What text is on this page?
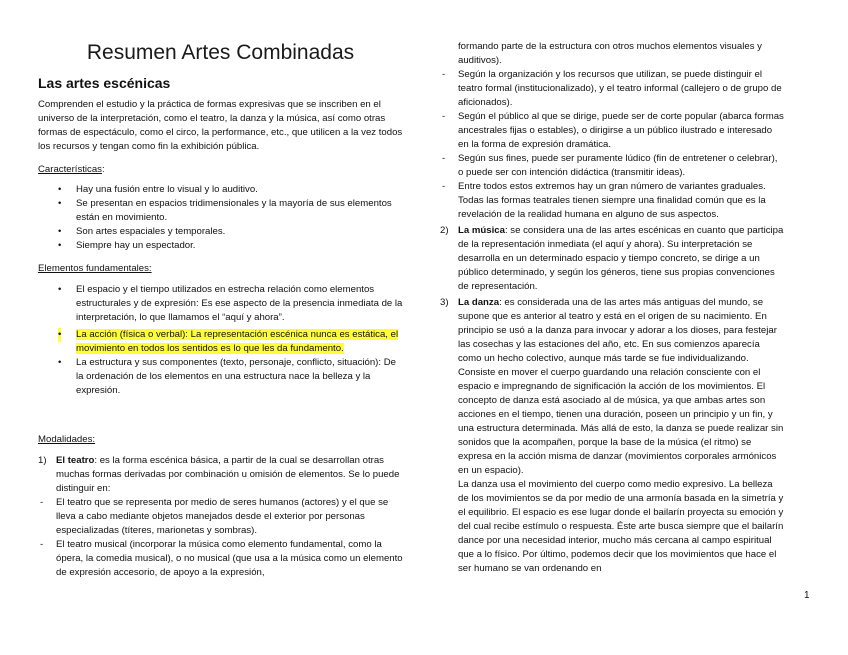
Resumen Artes Combinadas
Las artes escénicas

Comprenden el estudio y la práctica de formas expresivas que se inscriben en el universo de la interpretación, como el teatro, la danza y la música, así como otras formas de espectáculo, como el circo, la performance, etc., que utilicen a la vez todos los recursos y tengan como fin la exhibición pública.

Características:

• Hay una fusión entre lo visual y lo auditivo.
• Se presentan en espacios tridimensionales y la mayoría de sus elementos están en movimiento.
• Son artes espaciales y temporales.
• Siempre hay un espectador.

Elementos fundamentales:

• El espacio y el tiempo utilizados en estrecha relación como elementos estructurales y de expresión: Es ese aspecto de la presencia inmediata de la interpretación, lo que llamamos el “aquí y ahora”.
• La acción (física o verbal): La representación escénica nunca es estática, el movimiento en todos los sentidos es lo que les da fundamento.
• La estructura y sus componentes (texto, personaje, conflicto, situación): De la ordenación de los elementos en una estructura nace la belleza y la expresión.

Modalidades:

1) El teatro: es la forma escénica básica, a partir de la cual se desarrollan otras muchas formas derivadas por combinación u omisión de elementos. Se lo puede distinguir en:
- El teatro que se representa por medio de seres humanos (actores) y el que se lleva a cabo mediante objetos manejados desde el exterior por personas especializadas (títeres, marionetas y sombras).
- El teatro musical (incorporar la música como elemento fundamental, como la ópera, la comedia musical), o no musical (que usa a la música como un elemento de expresión accesorio, de apoyo a la expresión,
formando parte de la estructura con otros muchos elementos visuales y auditivos).
- Según la organización y los recursos que utilizan, se puede distinguir el teatro formal (institucionalizado), y el teatro informal (callejero o de grupo de aficionados).
- Según el público al que se dirige, puede ser de corte popular (abarca formas ancestrales fijas o estables), o dirigirse a un público ilustrado e interesado en la forma de expresión dramática.
- Según sus fines, puede ser puramente lúdico (fin de entretener o celebrar), o puede ser con intención didáctica (transmitir ideas).
- Entre todos estos extremos hay un gran número de variantes graduales. Todas las formas teatrales tienen siempre una finalidad común que es la revelación de la realidad humana en alguno de sus aspectos.
2) La música: se considera una de las artes escénicas en cuanto que participa de la representación inmediata (el aquí y ahora). Su interpretación se desarrolla en un determinado espacio y tiempo concreto, se dirige a un público determinado, y según los géneros, tiene sus propias convenciones de representación.
3) La danza: es considerada una de las artes más antiguas del mundo, se supone que es anterior al teatro y está en el origen de su nacimiento. En principio se usó a la danza para invocar y adorar a los dioses, para festejar las cosechas y las estaciones del año, etc. En sus comienzos aparecía como un hecho colectivo, aunque más tarde se fue individualizando. Consiste en mover el cuerpo guardando una relación consciente con el espacio e impregnando de significación la acción de los movimientos. El concepto de danza está asociado al de música, ya que ambas artes son acciones en el tiempo, tienen una duración, poseen un principio y un fin, y una estructura determinada. Más allá de esto, la danza se puede realizar sin sonidos que la acompañen, porque la base de la música (el ritmo) se expresa en la acción misma de danzar (movimientos corporales armónicos en un espacio).
La danza usa el movimiento del cuerpo como medio expresivo. La belleza de los movimientos se da por medio de una armonía basada en la simetría y el equilibrio. El espacio es ese lugar donde el bailarín proyecta su emoción y del cual recibe estímulo o respuesta. Éste arte busca siempre que el bailarín dance por una necesidad interior, mucho más cercana al campo espiritual que a lo físico. Por último, podemos decir que los movimientos que hace el ser humano se van ordenando en
1
